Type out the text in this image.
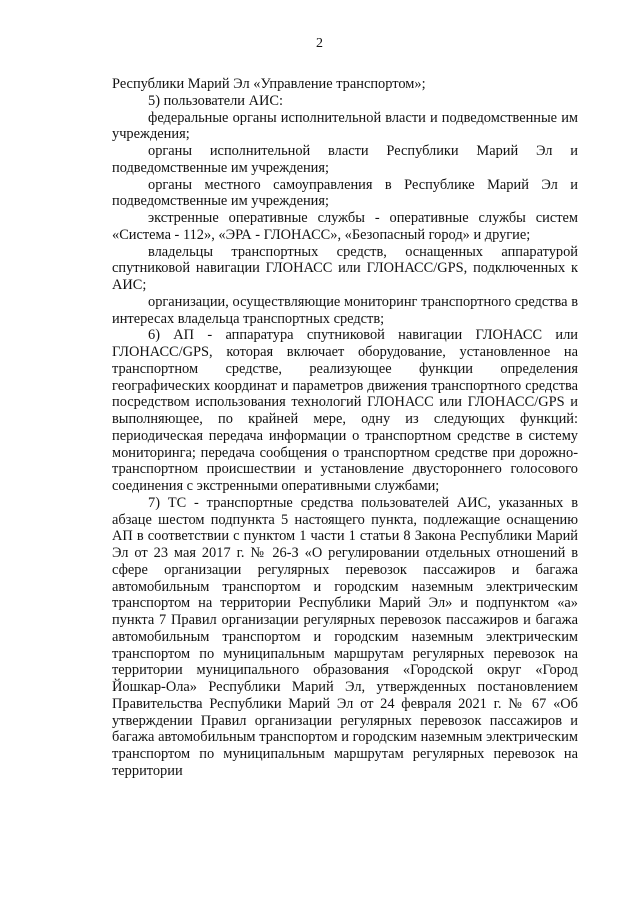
2

Республики Марий Эл «Управление транспортом»;

5) пользователи АИС:

федеральные органы исполнительной власти и подведомственные им учреждения;

органы исполнительной власти Республики Марий Эл и подведомственные им учреждения;

органы местного самоуправления в Республике Марий Эл и подведомственные им учреждения;

экстренные оперативные службы - оперативные службы систем «Система - 112», «ЭРА - ГЛОНАСС», «Безопасный город» и другие;

владельцы транспортных средств, оснащенных аппаратурой спутниковой навигации ГЛОНАСС или ГЛОНАСС/GPS, подключенных к АИС;

организации, осуществляющие мониторинг транспортного средства в интересах владельца транспортных средств;

6) АП - аппаратура спутниковой навигации ГЛОНАСС или ГЛОНАСС/GPS, которая включает оборудование, установленное на транспортном средстве, реализующее функции определения географических координат и параметров движения транспортного средства посредством использования технологий ГЛОНАСС или ГЛОНАСС/GPS и выполняющее, по крайней мере, одну из следующих функций: периодическая передача информации о транспортном средстве в систему мониторинга; передача сообщения о транспортном средстве при дорожно-транспортном происшествии и установление двустороннего голосового соединения с экстренными оперативными службами;

7) ТС - транспортные средства пользователей АИС, указанных в абзаце шестом подпункта 5 настоящего пункта, подлежащие оснащению АП в соответствии с пунктом 1 части 1 статьи 8 Закона Республики Марий Эл от 23 мая 2017 г. № 26-З «О регулировании отдельных отношений в сфере организации регулярных перевозок пассажиров и багажа автомобильным транспортом и городским наземным электрическим транспортом на территории Республики Марий Эл» и подпунктом «а» пункта 7 Правил организации регулярных перевозок пассажиров и багажа автомобильным транспортом и городским наземным электрическим транспортом по муниципальным маршрутам регулярных перевозок на территории муниципального образования «Городской округ «Город Йошкар-Ола» Республики Марий Эл, утвержденных постановлением Правительства Республики Марий Эл от 24 февраля 2021 г. № 67 «Об утверждении Правил организации регулярных перевозок пассажиров и багажа автомобильным транспортом и городским наземным электрическим транспортом по муниципальным маршрутам регулярных перевозок на территории
